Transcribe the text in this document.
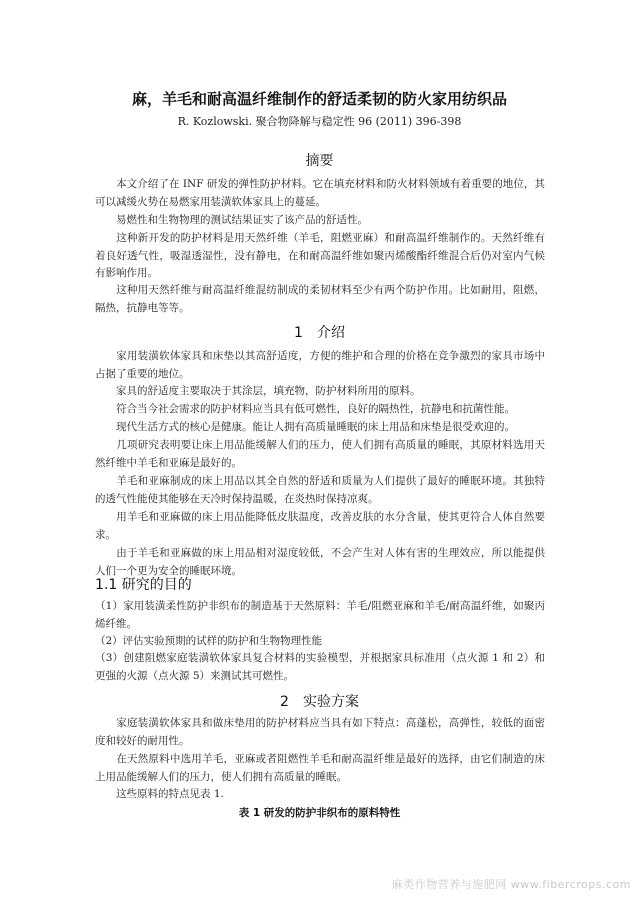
麻，羊毛和耐高温纤维制作的舒适柔韧的防火家用纺织品
R. Kozlowski. 聚合物降解与稳定性 96 (2011) 396-398
摘要

本文介绍了在 INF 研发的弹性防护材料。它在填充材料和防火材料领域有着重要的地位，其可以减缓火势在易燃家用装潢软体家具上的蔓延。

易燃性和生物物理的测试结果证实了该产品的舒适性。

这种新开发的防护材料是用天然纤维（羊毛，阻燃亚麻）和耐高温纤维制作的。天然纤维有着良好透气性，吸湿透湿性，没有静电，在和耐高温纤维如聚丙烯酸酯纤维混合后仍对室内气候有影响作用。

这种用天然纤维与耐高温纤维混纺制成的柔韧材料至少有两个防护作用。比如耐用，阻燃，隔热，抗静电等等。

1　介绍

家用装潢软体家具和床垫以其高舒适度，方便的维护和合理的价格在竞争激烈的家具市场中占据了重要的地位。

家具的舒适度主要取决于其涂层，填充物，防护材料所用的原料。

符合当今社会需求的防护材料应当具有低可燃性，良好的隔热性，抗静电和抗菌性能。

现代生活方式的核心是健康。能让人拥有高质量睡眠的床上用品和床垫是很受欢迎的。

几项研究表明要让床上用品能缓解人们的压力，使人们拥有高质量的睡眠，其原材料选用天然纤维中羊毛和亚麻是最好的。

羊毛和亚麻制成的床上用品以其全自然的舒适和质量为人们提供了最好的睡眠环境。其独特的透气性能使其能够在天冷时保持温暖，在炎热时保持凉爽。

用羊毛和亚麻做的床上用品能降低皮肤温度，改善皮肤的水分含量，使其更符合人体自然要求。

由于羊毛和亚麻做的床上用品相对湿度较低，不会产生对人体有害的生理效应，所以能提供人们一个更为安全的睡眠环境。

1.1 研究的目的

（1）家用装潢柔性防护非织布的制造基于天然原料：羊毛/阻燃亚麻和羊毛/耐高温纤维，如聚丙烯纤维。

（2）评估实验预期的试样的防护和生物物理性能

（3）创建阻燃家庭装潢软体家具复合材料的实验模型，并根据家具标准用（点火源 1 和 2）和更强的火源（点火源 5）来测试其可燃性。

2　实验方案

家庭装潢软体家具和做床垫用的防护材料应当具有如下特点：高蓬松，高弹性，较低的面密度和较好的耐用性。

在天然原料中选用羊毛，亚麻或者阻燃性羊毛和耐高温纤维是最好的选择，由它们制造的床上用品能缓解人们的压力，使人们拥有高质量的睡眠。

这些原料的特点见表 1.

表 1 研发的防护非织布的原料特性
麻类作物营养与施肥网 www.fibercrops.com
